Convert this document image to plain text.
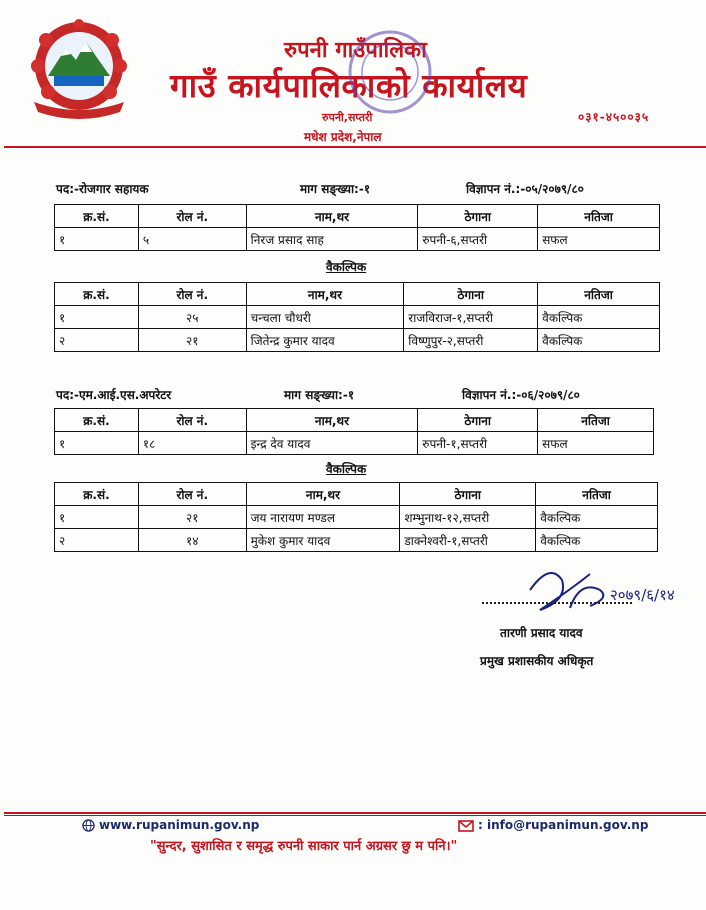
रुपनी गाउँपालिका
गाउँ कार्यपालिकाको कार्यालय
रुपनी,सप्तरी
मधेश प्रदेश,नेपाल
०३१-४५००३५
पद:-रोजगार सहायक	माग सङ्ख्या:-१	विज्ञापन नं.:-०५/२०७९/८०
क्र.सं.	रोल नं.	नाम,थर	ठेगाना	नतिजा
१	५	निरज प्रसाद साह	रुपनी-६,सप्तरी	सफल
वैकल्पिक
क्र.सं.	रोल नं.	नाम,थर	ठेगाना	नतिजा
१	२५	चन्चला चौधरी	राजविराज-१,सप्तरी	वैकल्पिक
२	२१	जितेन्द्र कुमार यादव	विष्णुपुर-२,सप्तरी	वैकल्पिक
पद:-एम.आई.एस.अपरेटर	माग सङ्ख्या:-१	विज्ञापन नं.:-०६/२०७९/८०
क्र.सं.	रोल नं.	नाम,थर	ठेगाना	नतिजा
१	१८	इन्द्र देव यादव	रुपनी-१,सप्तरी	सफल
वैकल्पिक
क्र.सं.	रोल नं.	नाम,थर	ठेगाना	नतिजा
१	२१	जय नारायण मण्डल	शम्भुनाथ-१२,सप्तरी	वैकल्पिक
२	१४	मुकेश कुमार यादव	डाक्नेश्वरी-१,सप्तरी	वैकल्पिक
२०७९/६/१४
तारणी प्रसाद यादव
प्रमुख प्रशासकीय अधिकृत
www.rupanimun.gov.np	: info@rupanimun.gov.np
"सुन्दर, सुशासित र समृद्ध रुपनी साकार पार्न अग्रसर छु म पनि।"
